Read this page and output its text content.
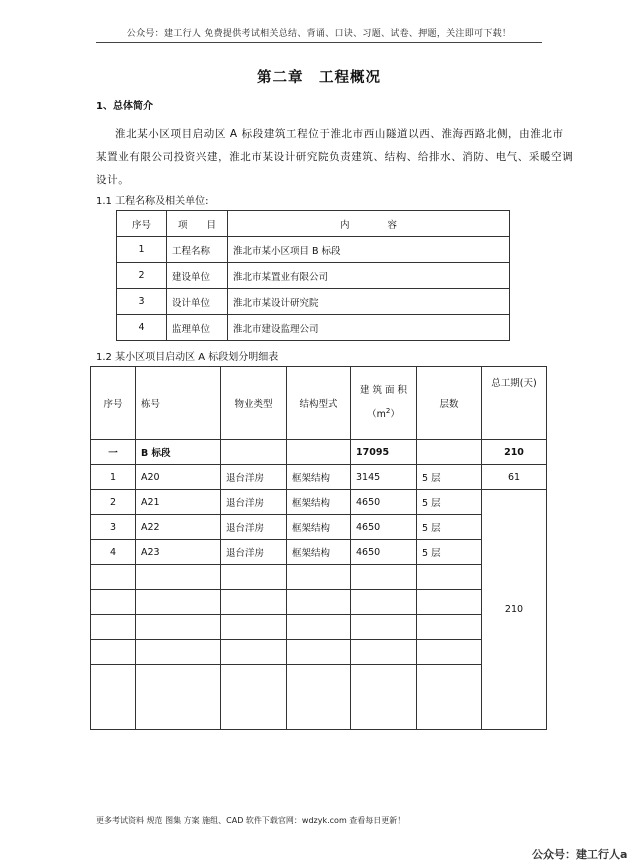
公众号：建工行人 免费提供考试相关总结、背诵、口诀、习题、试卷、押题，关注即可下载！
第二章　工程概况
1、总体简介
淮北某小区项目启动区 A 标段建筑工程位于淮北市西山隧道以西、淮海西路北侧，由淮北市
某置业有限公司投资兴建，淮北市某设计研究院负责建筑、结构、给排水、消防、电气、采暖空调
设计。
1.1 工程名称及相关单位:
序号	项　　目	内　　　　容
1	工程名称	淮北市某小区项目 B 标段
2	建设单位	淮北市某置业有限公司
3	设计单位	淮北市某设计研究院
4	监理单位	淮北市建设监理公司
1.2 某小区项目启动区 A 标段划分明细表
序号	栋号	物业类型	结构型式	建 筑 面 积
$(m^2)$	层数	总工期(天)
一	B 标段			17095		210
1	A20	退台洋房	框架结构	3145	5 层	61
2	A21	退台洋房	框架结构	4650	5 层	210
3	A22	退台洋房	框架结构	4650	5 层	
4	A23	退台洋房	框架结构	4650	5 层	

更多考试资料 规范 图集 方案 施组、CAD 软件下载官网：wdzyk.com 查看每日更新！
公众号：建工行人a
